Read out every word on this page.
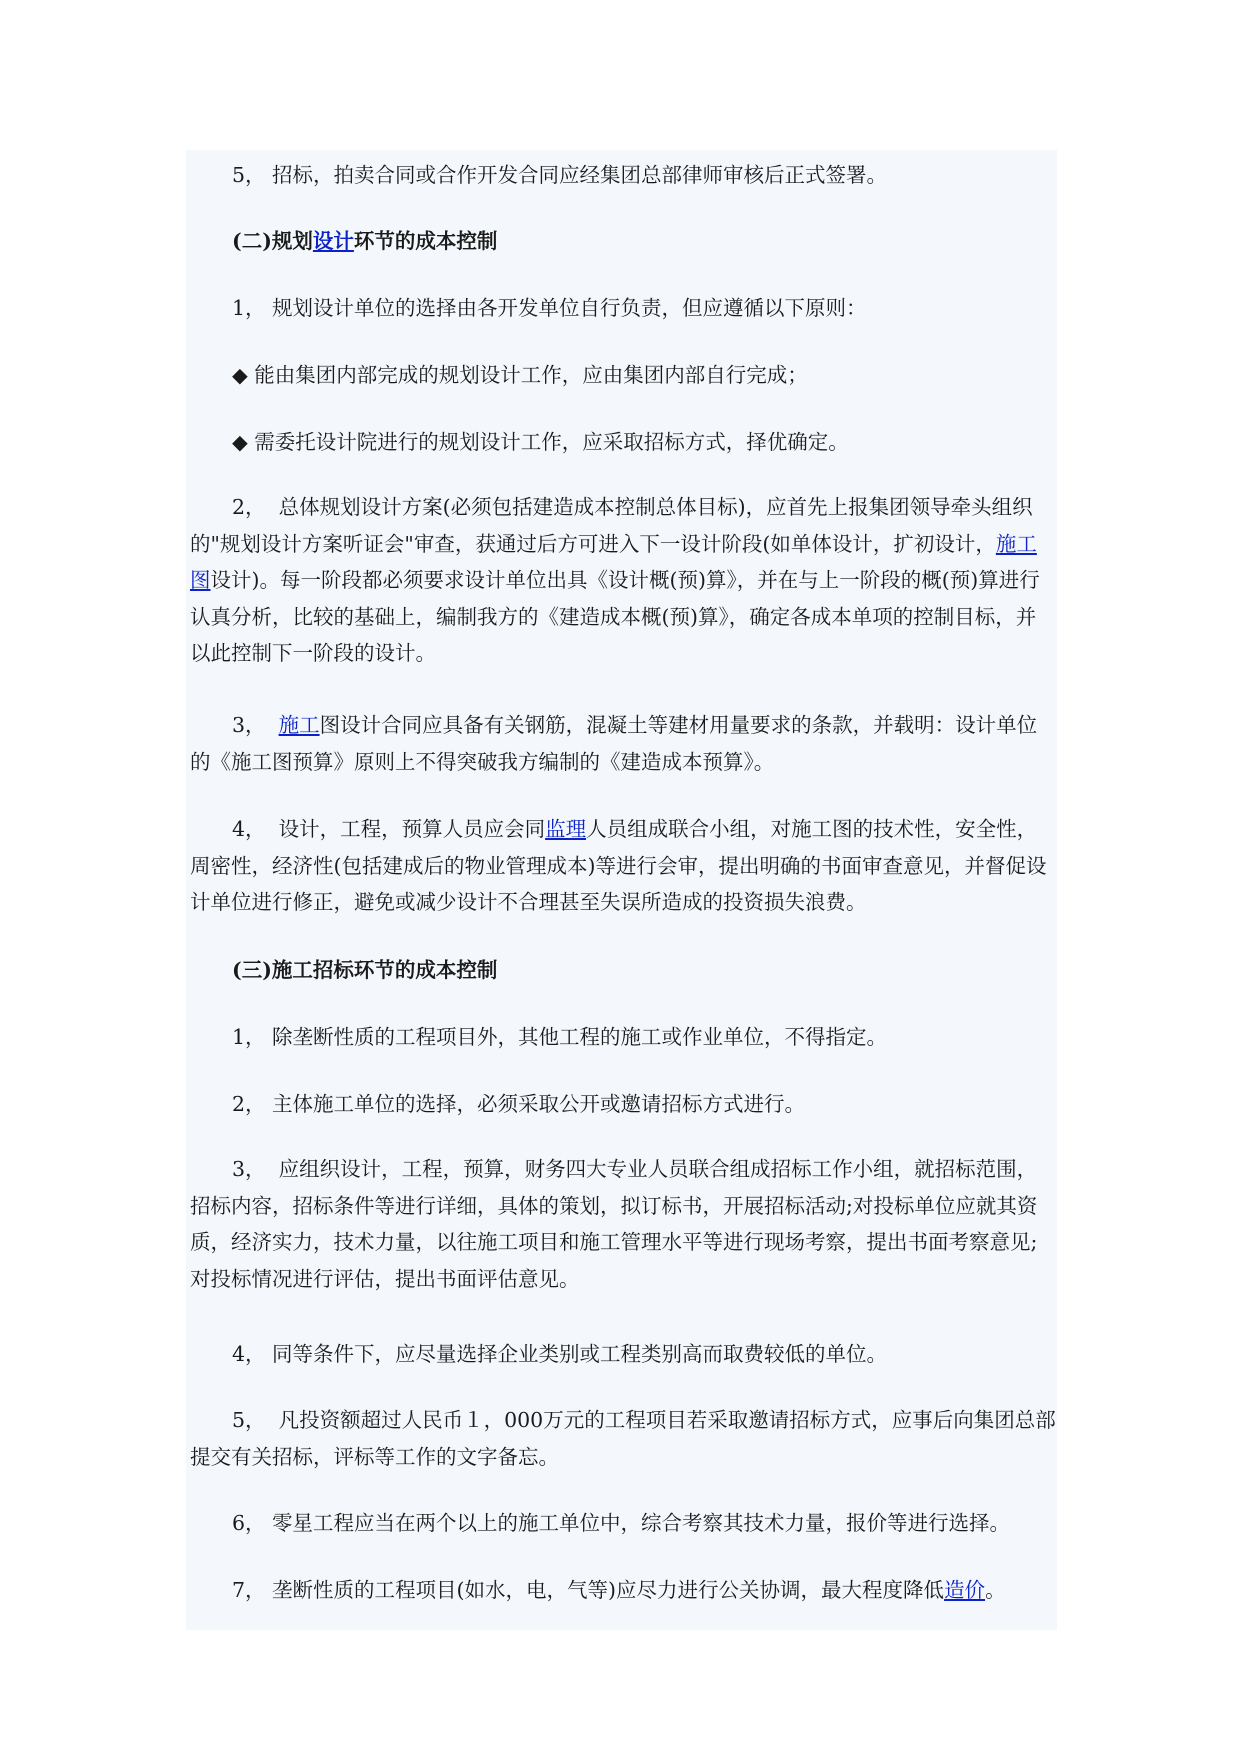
5， 招标，拍卖合同或合作开发合同应经集团总部律师审核后正式签署。

(二)规划设计环节的成本控制

1， 规划设计单位的选择由各开发单位自行负责，但应遵循以下原则：

◆ 能由集团内部完成的规划设计工作，应由集团内部自行完成；

◆ 需委托设计院进行的规划设计工作，应采取招标方式，择优确定。

2，  总体规划设计方案(必须包括建造成本控制总体目标)，应首先上报集团领导牵头组织的"规划设计方案听证会"审查，获通过后方可进入下一设计阶段(如单体设计，扩初设计，施工图设计)。每一阶段都必须要求设计单位出具《设计概(预)算》，并在与上一阶段的概(预)算进行认真分析，比较的基础上，编制我方的《建造成本概(预)算》，确定各成本单项的控制目标，并以此控制下一阶段的设计。

3，  施工图设计合同应具备有关钢筋，混凝土等建材用量要求的条款，并载明：设计单位的《施工图预算》原则上不得突破我方编制的《建造成本预算》。

4，  设计，工程，预算人员应会同监理人员组成联合小组，对施工图的技术性，安全性，周密性，经济性(包括建成后的物业管理成本)等进行会审，提出明确的书面审查意见，并督促设计单位进行修正，避免或减少设计不合理甚至失误所造成的投资损失浪费。

(三)施工招标环节的成本控制

1， 除垄断性质的工程项目外，其他工程的施工或作业单位，不得指定。

2， 主体施工单位的选择，必须采取公开或邀请招标方式进行。

3，  应组织设计，工程，预算，财务四大专业人员联合组成招标工作小组，就招标范围，招标内容，招标条件等进行详细，具体的策划，拟订标书，开展招标活动;对投标单位应就其资质，经济实力，技术力量，以往施工项目和施工管理水平等进行现场考察，提出书面考察意见;对投标情况进行评估，提出书面评估意见。

4， 同等条件下，应尽量选择企业类别或工程类别高而取费较低的单位。

5，  凡投资额超过人民币１，000万元的工程项目若采取邀请招标方式，应事后向集团总部提交有关招标，评标等工作的文字备忘。

6， 零星工程应当在两个以上的施工单位中，综合考察其技术力量，报价等进行选择。

7， 垄断性质的工程项目(如水，电，气等)应尽力进行公关协调，最大程度降低造价。
